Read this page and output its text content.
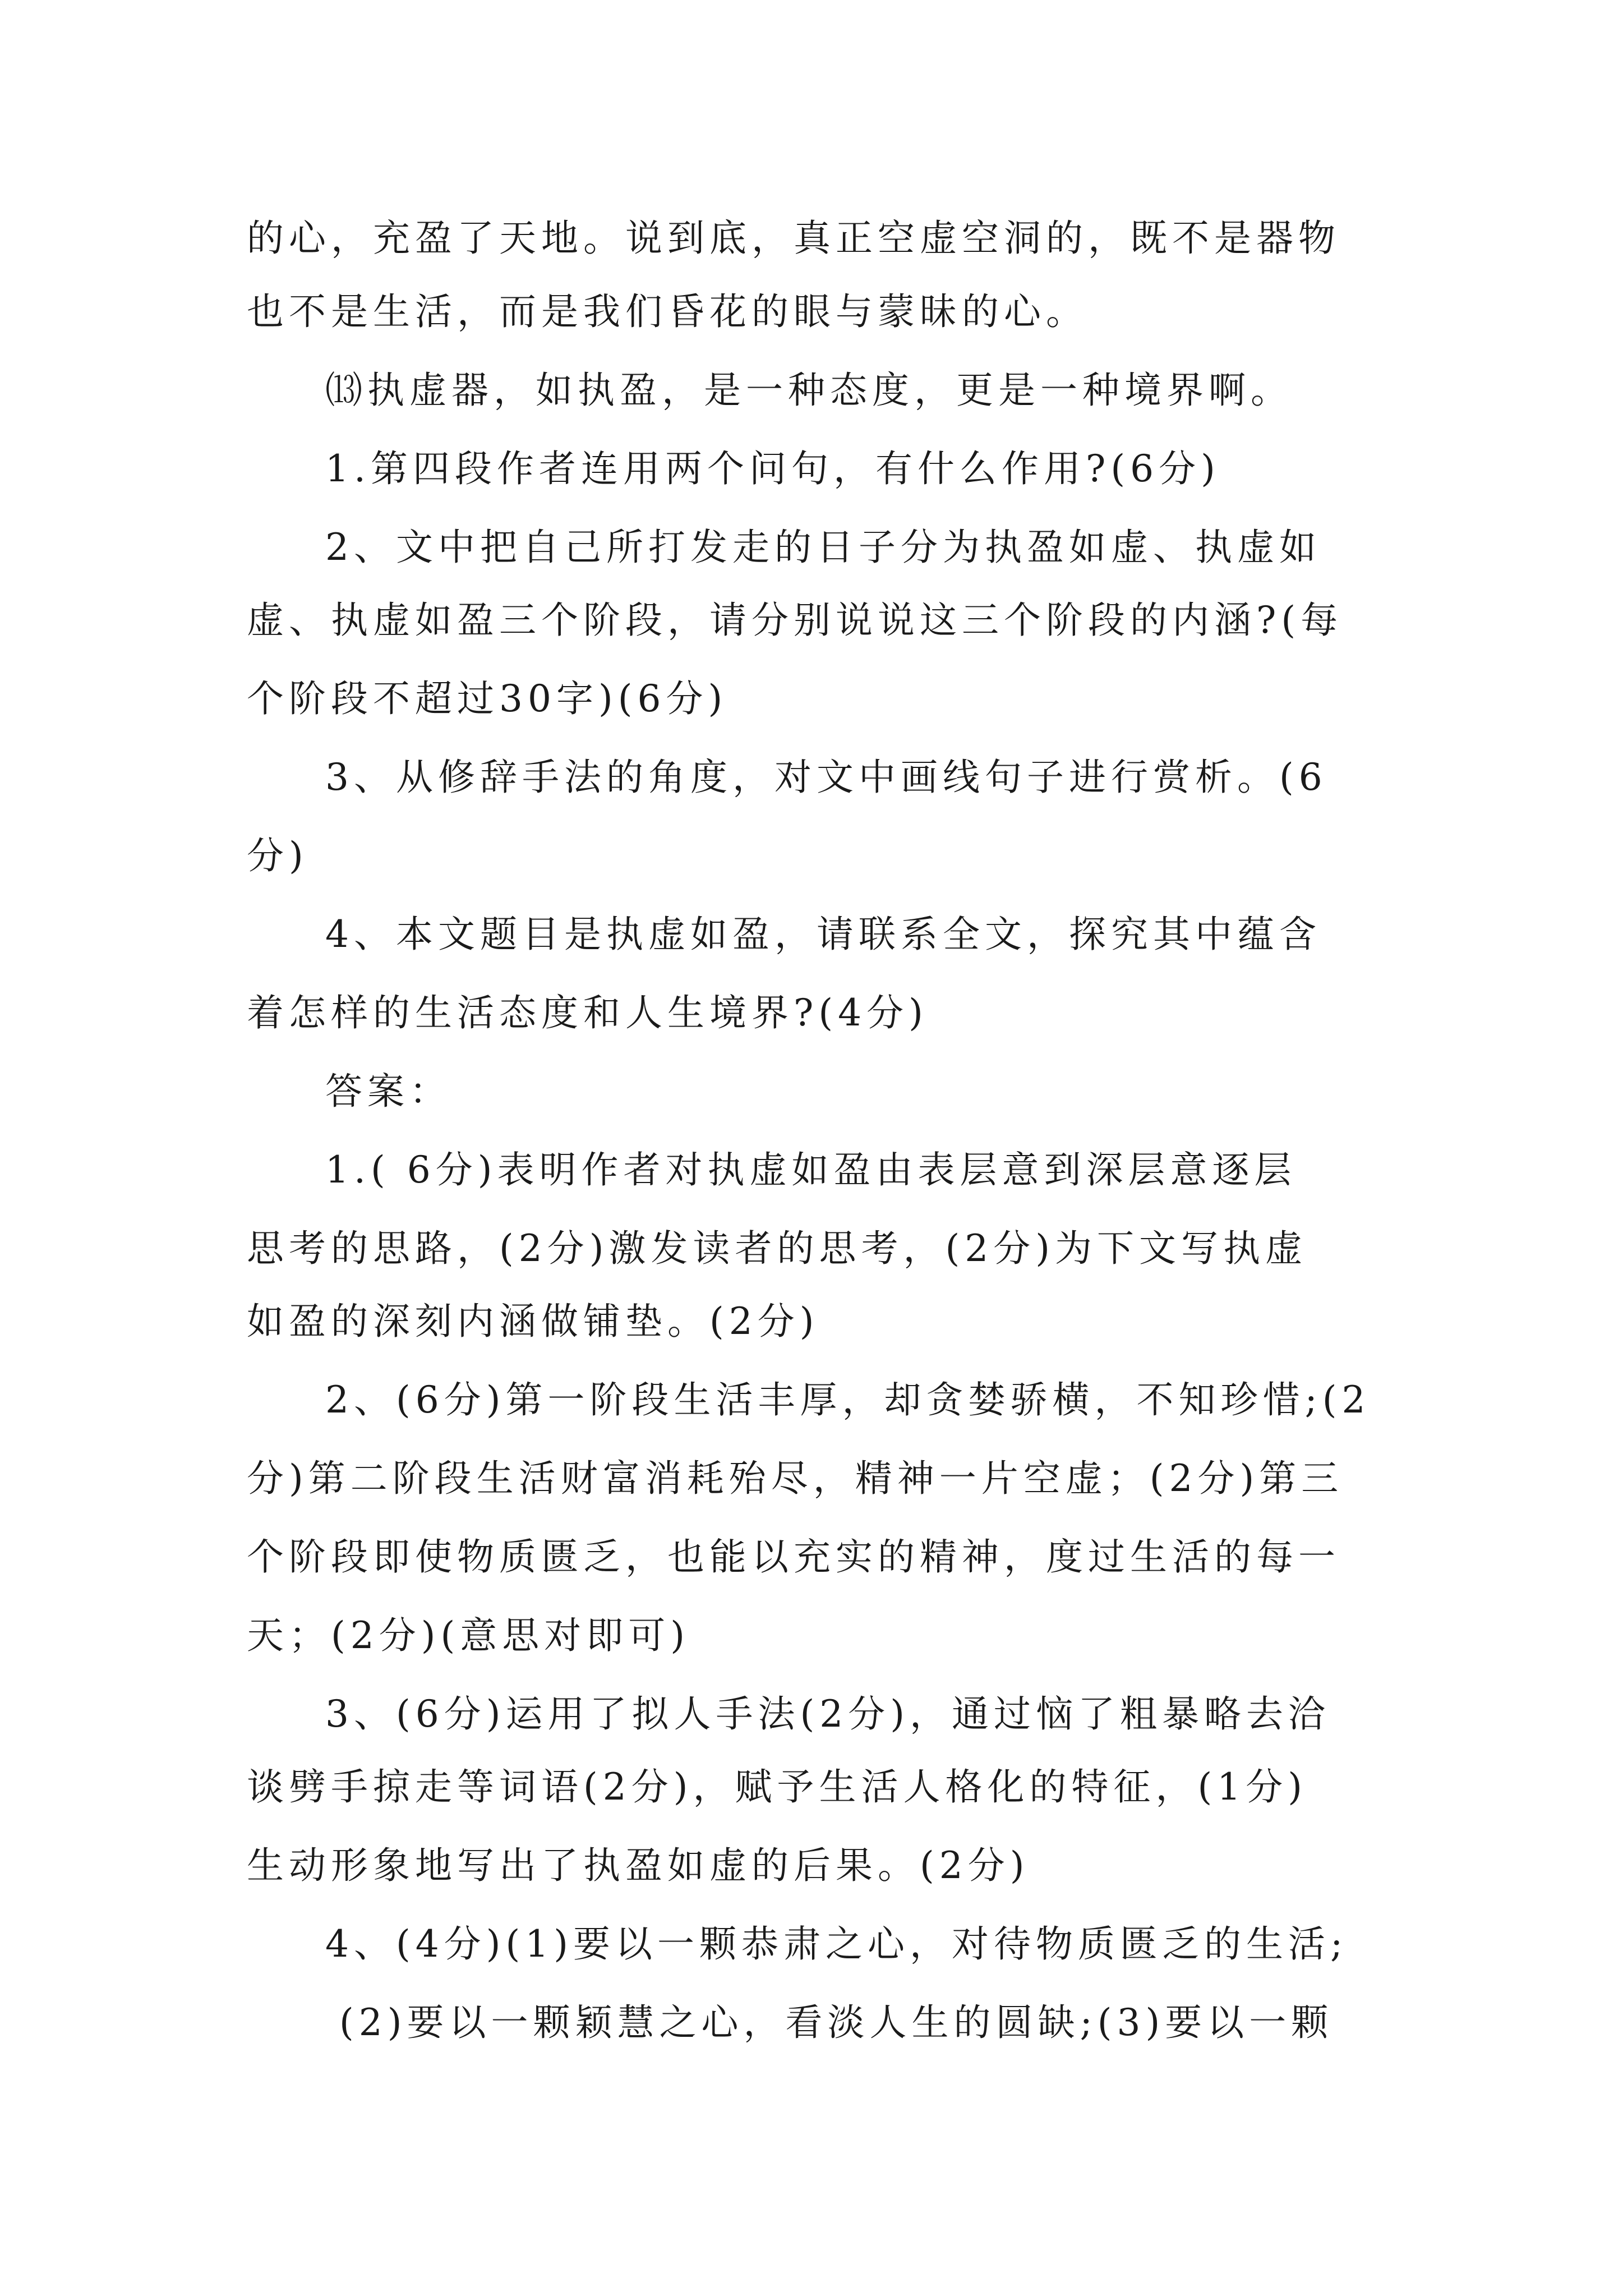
的心，充盈了天地。说到底，真正空虚空洞的，既不是器物
也不是生活，而是我们昏花的眼与蒙昧的心。
⒀执虚器，如执盈，是一种态度，更是一种境界啊。
1.第四段作者连用两个问句，有什么作用?(6分)
2、文中把自己所打发走的日子分为执盈如虚、执虚如
虚、执虚如盈三个阶段，请分别说说这三个阶段的内涵?(每
个阶段不超过30字)(6分)
3、从修辞手法的角度，对文中画线句子进行赏析。(6
分)
4、本文题目是执虚如盈，请联系全文，探究其中蕴含
着怎样的生活态度和人生境界?(4分)
答案：
1.( 6分)表明作者对执虚如盈由表层意到深层意逐层
思考的思路，(2分)激发读者的思考，(2分)为下文写执虚
如盈的深刻内涵做铺垫。(2分)
2、(6分)第一阶段生活丰厚，却贪婪骄横，不知珍惜;(2
分)第二阶段生活财富消耗殆尽，精神一片空虚；(2分)第三
个阶段即使物质匮乏，也能以充实的精神，度过生活的每一
天；(2分)(意思对即可)
3、(6分)运用了拟人手法(2分)，通过恼了粗暴略去洽
谈劈手掠走等词语(2分)，赋予生活人格化的特征，(1分)
生动形象地写出了执盈如虚的后果。(2分)
4、(4分)(1)要以一颗恭肃之心，对待物质匮乏的生活;
(2)要以一颗颖慧之心，看淡人生的圆缺;(3)要以一颗
